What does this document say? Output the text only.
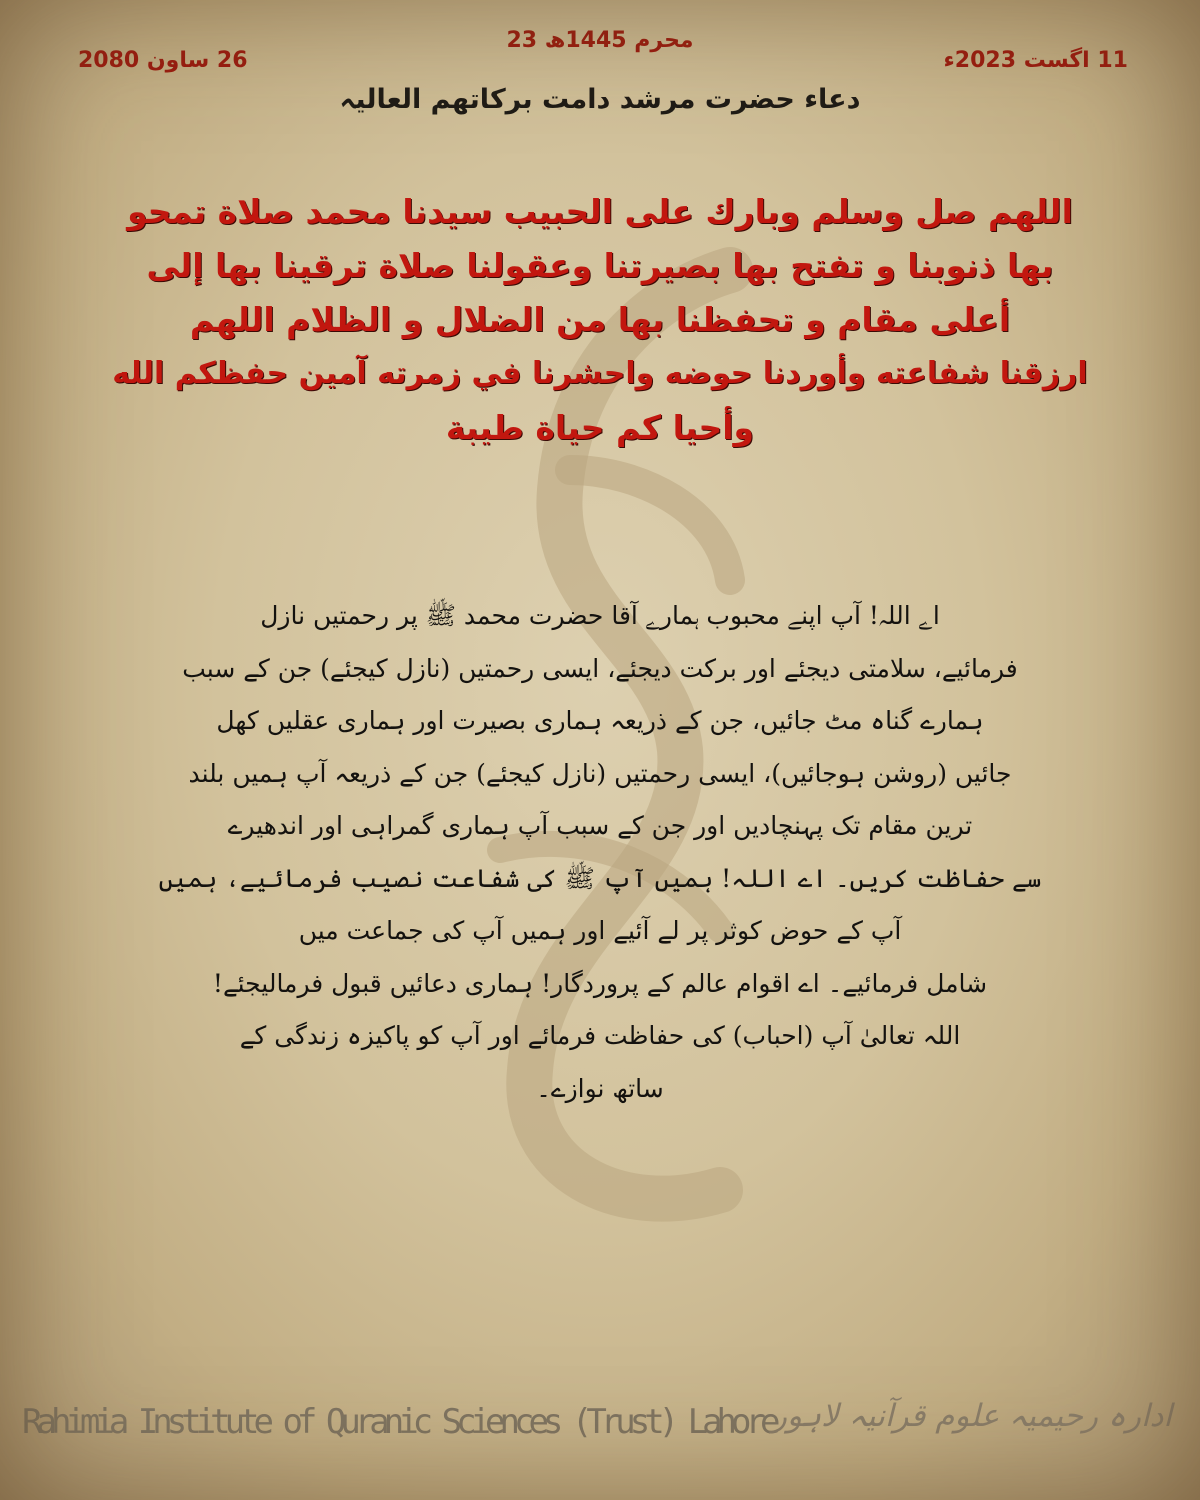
23 محرم 1445ھ
11 اگست 2023ء
26 ساون 2080
دعاء حضرت مرشد دامت برکاتھم العالیہ
اللهم صل وسلم وبارك على الحبيب سيدنا محمد صلاة تمحو
بها ذنوبنا و تفتح بها بصيرتنا وعقولنا صلاة ترقينا بها إلى
أعلى مقام و تحفظنا بها من الضلال و الظلام اللهم
ارزقنا شفاعته وأوردنا حوضه واحشرنا في زمرته آمين حفظكم الله
وأحيا كم حياة طيبة
اے اللہ! آپ اپنے محبوب ہمارے آقا حضرت محمد ﷺ پر رحمتیں نازل
فرمائیے، سلامتی دیجئے اور برکت دیجئے، ایسی رحمتیں (نازل کیجئے) جن کے سبب
ہمارے گناہ مٹ جائیں، جن کے ذریعہ ہماری بصیرت اور ہماری عقلیں کھل
جائیں (روشن ہوجائیں)، ایسی رحمتیں (نازل کیجئے) جن کے ذریعہ آپ ہمیں بلند
ترین مقام تک پہنچادیں اور جن کے سبب آپ ہماری گمراہی اور اندھیرے
سے حفاظت کریں۔ اے اللہ! ہمیں آپ ﷺ کی شفاعت نصیب فرمائیے، ہمیں
آپ کے حوض کوثر پر لے آئیے اور ہمیں آپ کی جماعت میں
شامل فرمائیے۔ اے اقوام عالم کے پروردگار! ہماری دعائیں قبول فرمالیجئے!
اللہ تعالیٰ آپ (احباب) کی حفاظت فرمائے اور آپ کو پاکیزہ زندگی کے
ساتھ نوازے۔
Rahimia Institute of Quranic Sciences (Trust) Lahore
ادارہ رحیمیہ علوم قرآنیہ لاہور
